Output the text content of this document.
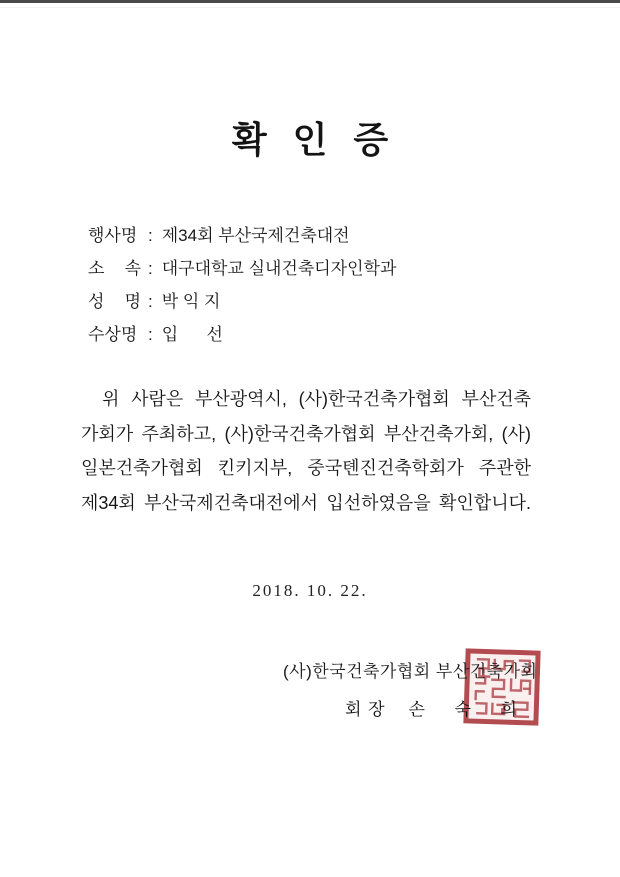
확 인 증
행사명 : 제34회 부산국제건축대전
소 속 : 대구대학교 실내건축디자인학과
성 명 : 박 익 지
수상명 : 입      선
위 사람은 부산광역시, (사)한국건축가협회 부산건축
가회가 주최하고, (사)한국건축가협회 부산건축가회, (사)
일본건축가협회 킨키지부, 중국톈진건축학회가 주관한
제34회 부산국제건축대전에서 입선하였음을 확인합니다.
2018. 10. 22.
(사)한국건축가협회 부산건축가회
회 장    손     숙     희
